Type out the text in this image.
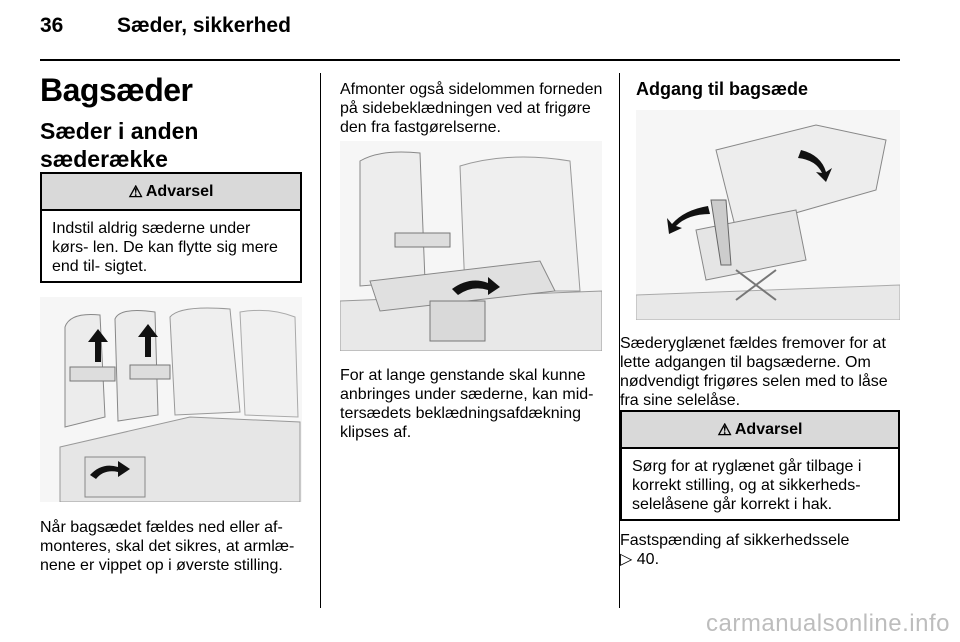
36	Sæder, sikkerhed
Bagsæder
Sæder i anden sæderække
⚠ Advarsel
Indstil aldrig sæderne under kørs- len. De kan flytte sig mere end til- sigtet.
Når bagsædet fældes ned eller af- monteres, skal det sikres, at armlæ- nene er vippet op i øverste stilling.
Afmonter også sidelommen forneden på sidebeklædningen ved at frigøre den fra fastgørelserne.
For at lange genstande skal kunne anbringes under sæderne, kan mid- tersædets beklædningsafdækning klipses af.
Adgang til bagsæde
Sæderyglænet fældes fremover for at lette adgangen til bagsæderne. Om nødvendigt frigøres selen med to låse fra sine selelåse.
⚠ Advarsel
Sørg for at ryglænet går tilbage i korrekt stilling, og at sikkerheds- selelåsene går korrekt i hak.
Fastspænding af sikkerhedssele
▷ 40.
carmanualsonline.info
